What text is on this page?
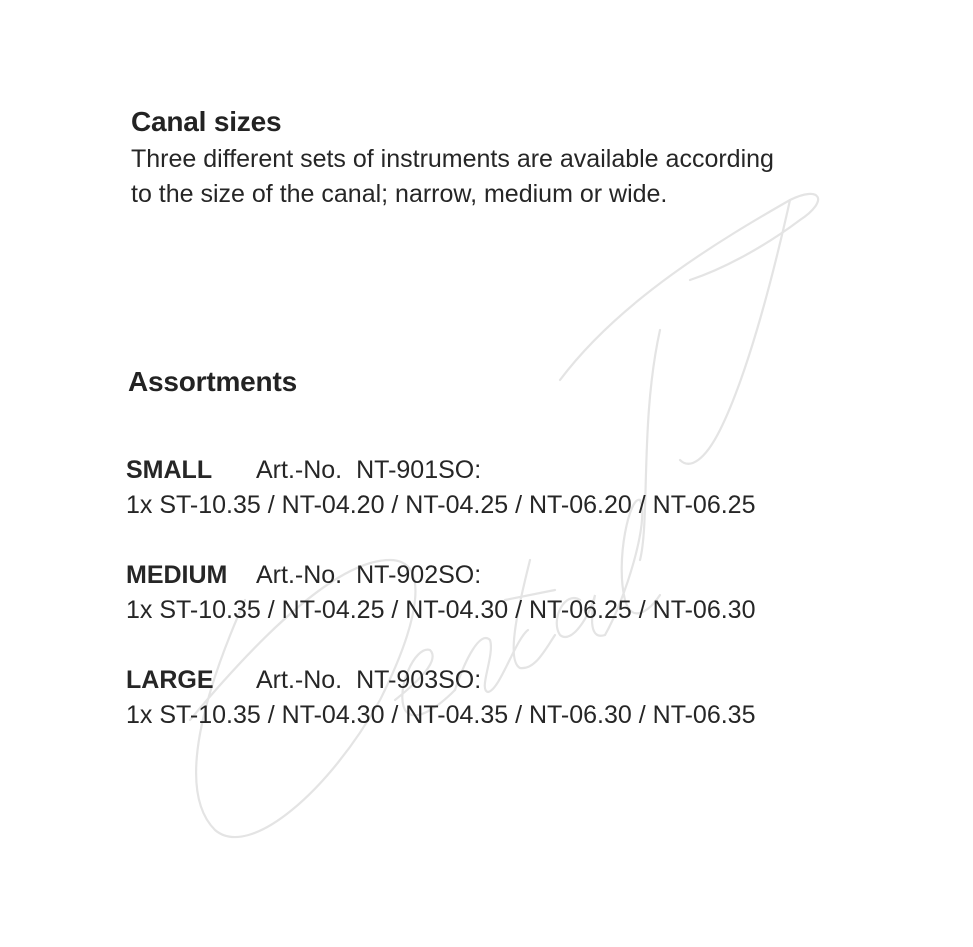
Canal sizes
Three different sets of instruments are available according
to the size of the canal; narrow, medium or wide.
Assortments
SMALL Art.-No. NT-901SO:
1x ST-10.35 / NT-04.20 / NT-04.25 / NT-06.20 / NT-06.25
MEDIUM Art.-No. NT-902SO:
1x ST-10.35 / NT-04.25 / NT-04.30 / NT-06.25 / NT-06.30
LARGE Art.-No. NT-903SO:
1x ST-10.35 / NT-04.30 / NT-04.35 / NT-06.30 / NT-06.35
